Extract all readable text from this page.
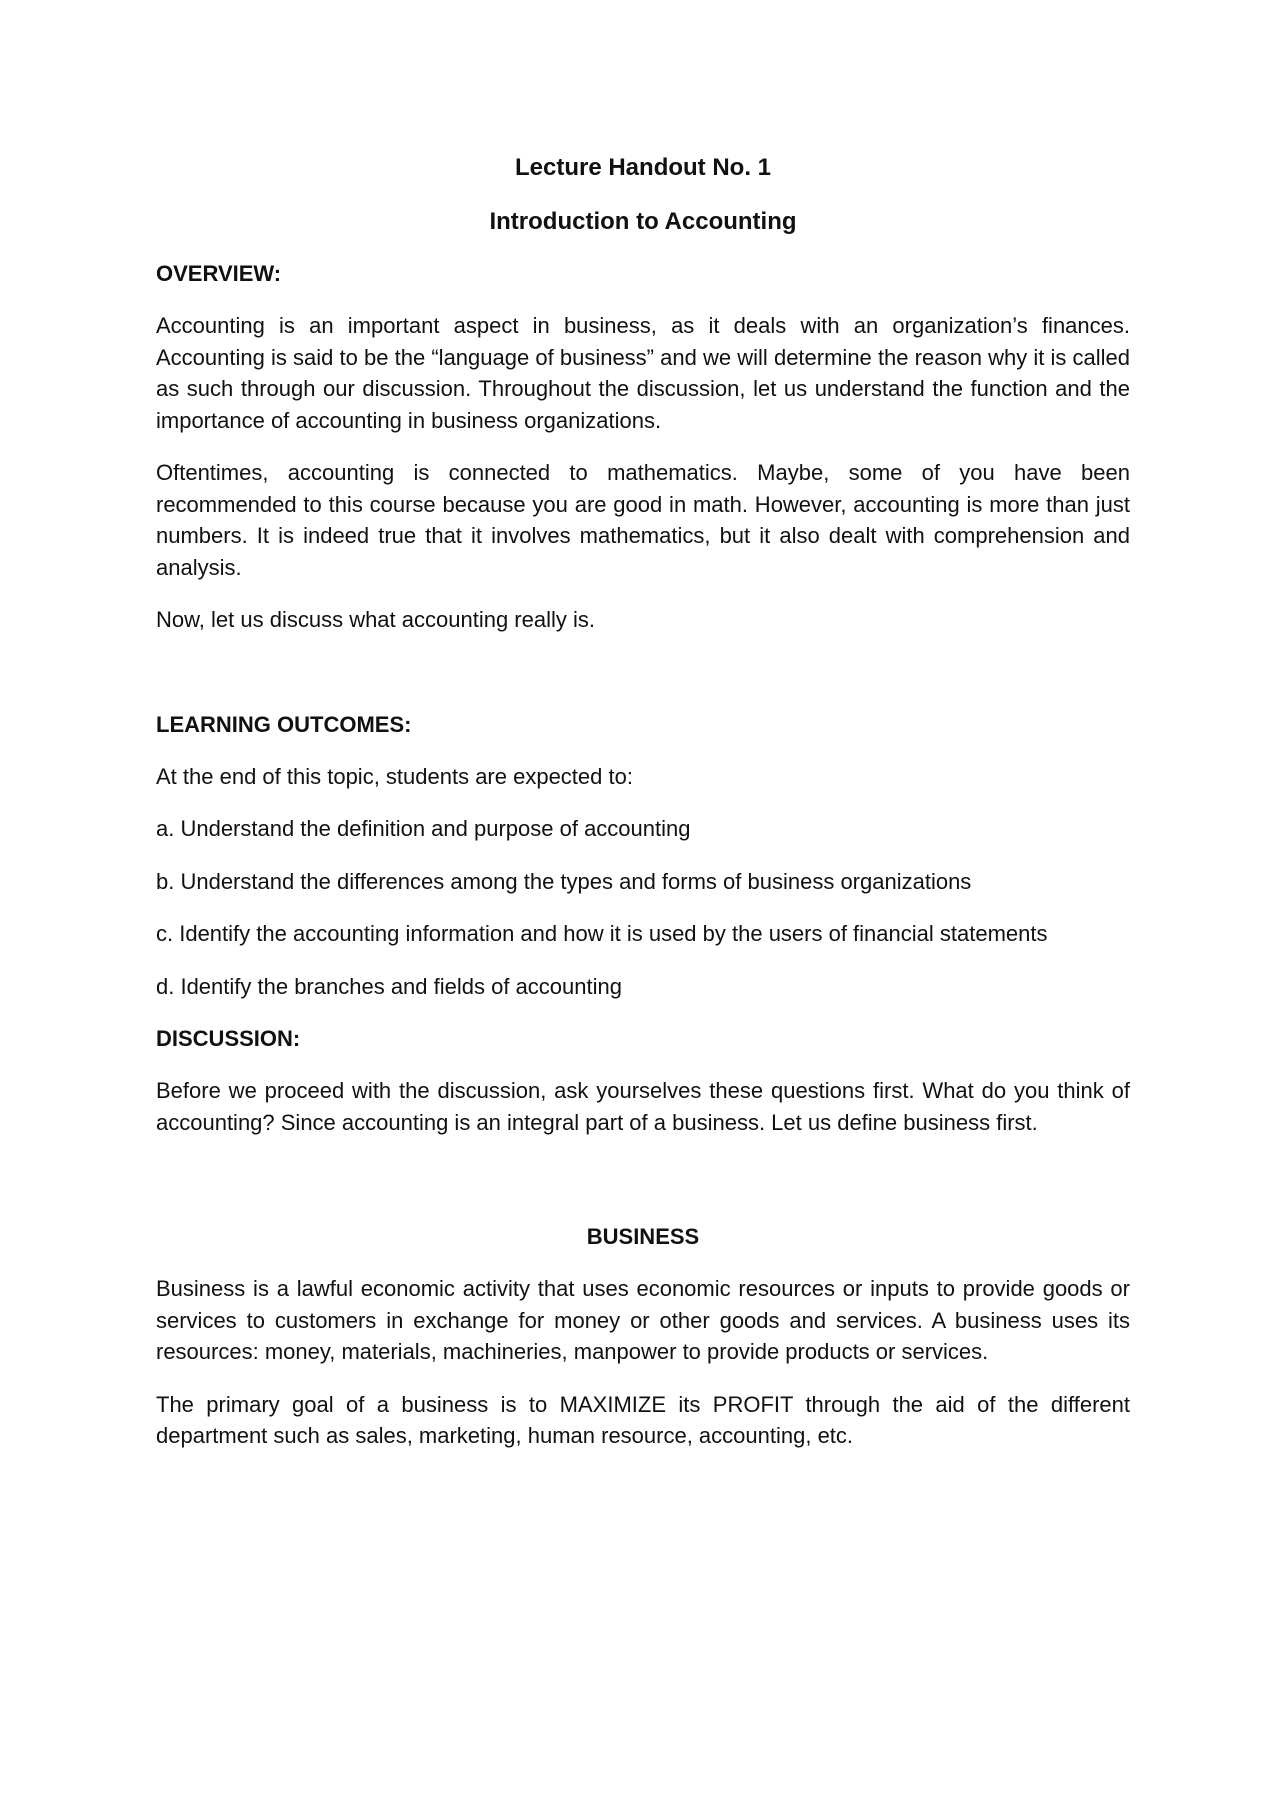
Lecture Handout No. 1
Introduction to Accounting
OVERVIEW:

Accounting is an important aspect in business, as it deals with an organization’s finances. Accounting is said to be the “language of business” and we will determine the reason why it is called as such through our discussion. Throughout the discussion, let us understand the function and the importance of accounting in business organizations.

Oftentimes, accounting is connected to mathematics. Maybe, some of you have been recommended to this course because you are good in math. However, accounting is more than just numbers. It is indeed true that it involves mathematics, but it also dealt with comprehension and analysis.

Now, let us discuss what accounting really is.

LEARNING OUTCOMES:

At the end of this topic, students are expected to:

a. Understand the definition and purpose of accounting

b. Understand the differences among the types and forms of business organizations

c. Identify the accounting information and how it is used by the users of financial statements

d. Identify the branches and fields of accounting

DISCUSSION:

Before we proceed with the discussion, ask yourselves these questions first. What do you think of accounting? Since accounting is an integral part of a business. Let us define business first.

BUSINESS

Business is a lawful economic activity that uses economic resources or inputs to provide goods or services to customers in exchange for money or other goods and services. A business uses its resources: money, materials, machineries, manpower to provide products or services.

The primary goal of a business is to MAXIMIZE its PROFIT through the aid of the different department such as sales, marketing, human resource, accounting, etc.
